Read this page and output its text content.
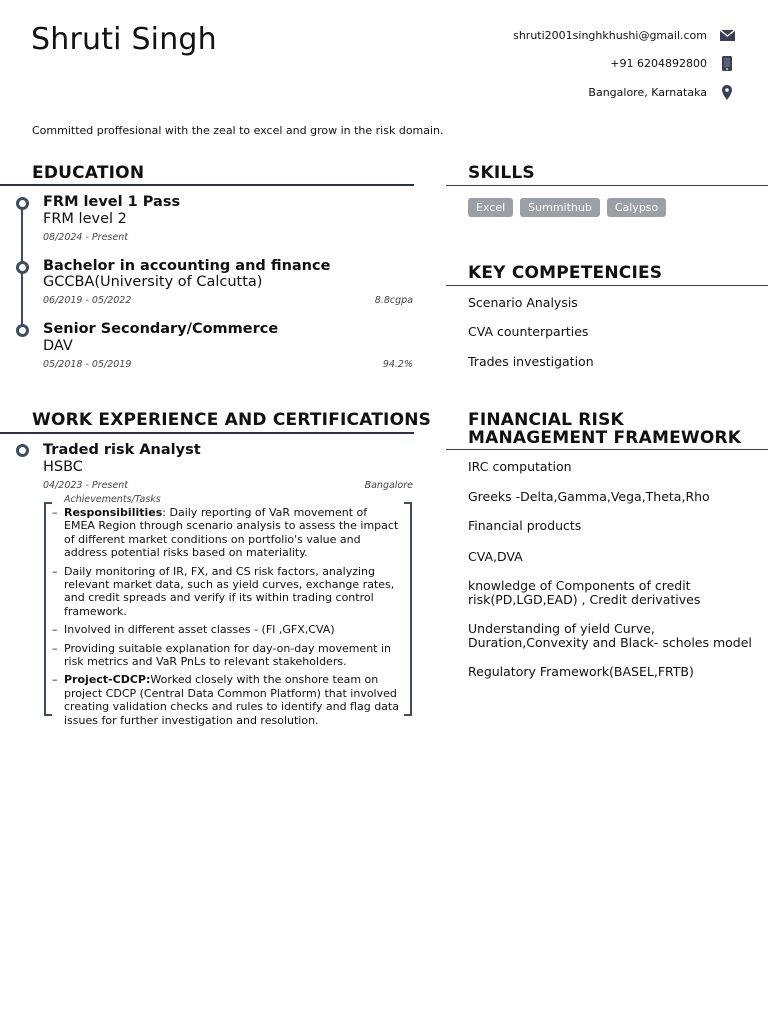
Shruti Singh	shruti2001singhkhushi@gmail.com
+91 6204892800
Bangalore, Karnataka
Committed proffesional with the zeal to excel and grow in the risk domain.
EDUCATION
FRM level 1 Pass
FRM level 2
08/2024 - Present
Bachelor in accounting and finance
GCCBA(University of Calcutta)
06/2019 - 05/2022	8.8cgpa
Senior Secondary/Commerce
DAV
05/2018 - 05/2019	94.2%
WORK EXPERIENCE AND CERTIFICATIONS
Traded risk Analyst
HSBC
04/2023 - Present	Bangalore
Achievements/Tasks
– Responsibilities: Daily reporting of VaR movement of EMEA Region through scenario analysis to assess the impact of different market conditions on portfolio's value and address potential risks based on materiality.
– Daily monitoring of IR, FX, and CS risk factors, analyzing relevant market data, such as yield curves, exchange rates, and credit spreads and verify if its within trading control framework.
– Involved in different asset classes - (FI ,GFX,CVA)
– Providing suitable explanation for day-on-day movement in risk metrics and VaR PnLs to relevant stakeholders.
– Project-CDCP:Worked closely with the onshore team on project CDCP (Central Data Common Platform) that involved creating validation checks and rules to identify and flag data issues for further investigation and resolution.
SKILLS
Excel	Summithub	Calypso
KEY COMPETENCIES
Scenario Analysis
CVA counterparties
Trades investigation
FINANCIAL RISK
MANAGEMENT FRAMEWORK
IRC computation
Greeks -Delta,Gamma,Vega,Theta,Rho
Financial products
CVA,DVA
knowledge of Components of credit
risk(PD,LGD,EAD) , Credit derivatives
Understanding of yield Curve,
Duration,Convexity and Black- scholes model
Regulatory Framework(BASEL,FRTB)
